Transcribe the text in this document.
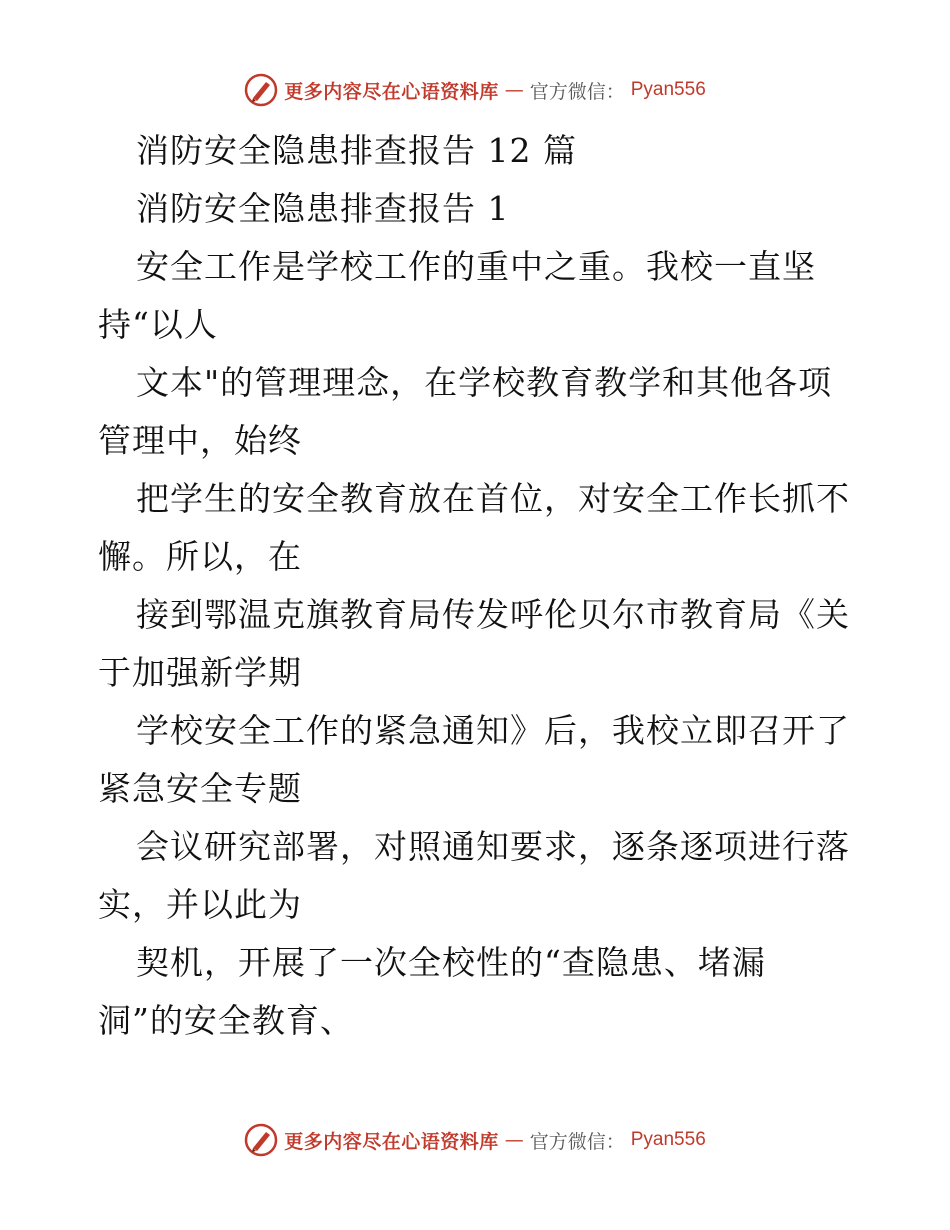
更多内容尽在心语资料库 — 官方微信： Pyan556
消防安全隐患排查报告 12 篇
消防安全隐患排查报告 1
安全工作是学校工作的重中之重。我校一直坚
持“以人
文本"的管理理念，在学校教育教学和其他各项
管理中，始终
把学生的安全教育放在首位，对安全工作长抓不
懈。所以，在
接到鄂温克旗教育局传发呼伦贝尔市教育局《关
于加强新学期
学校安全工作的紧急通知》后，我校立即召开了
紧急安全专题
会议研究部署，对照通知要求，逐条逐项进行落
实，并以此为
契机，开展了一次全校性的“查隐患、堵漏
洞”的安全教育、
更多内容尽在心语资料库 — 官方微信： Pyan556
